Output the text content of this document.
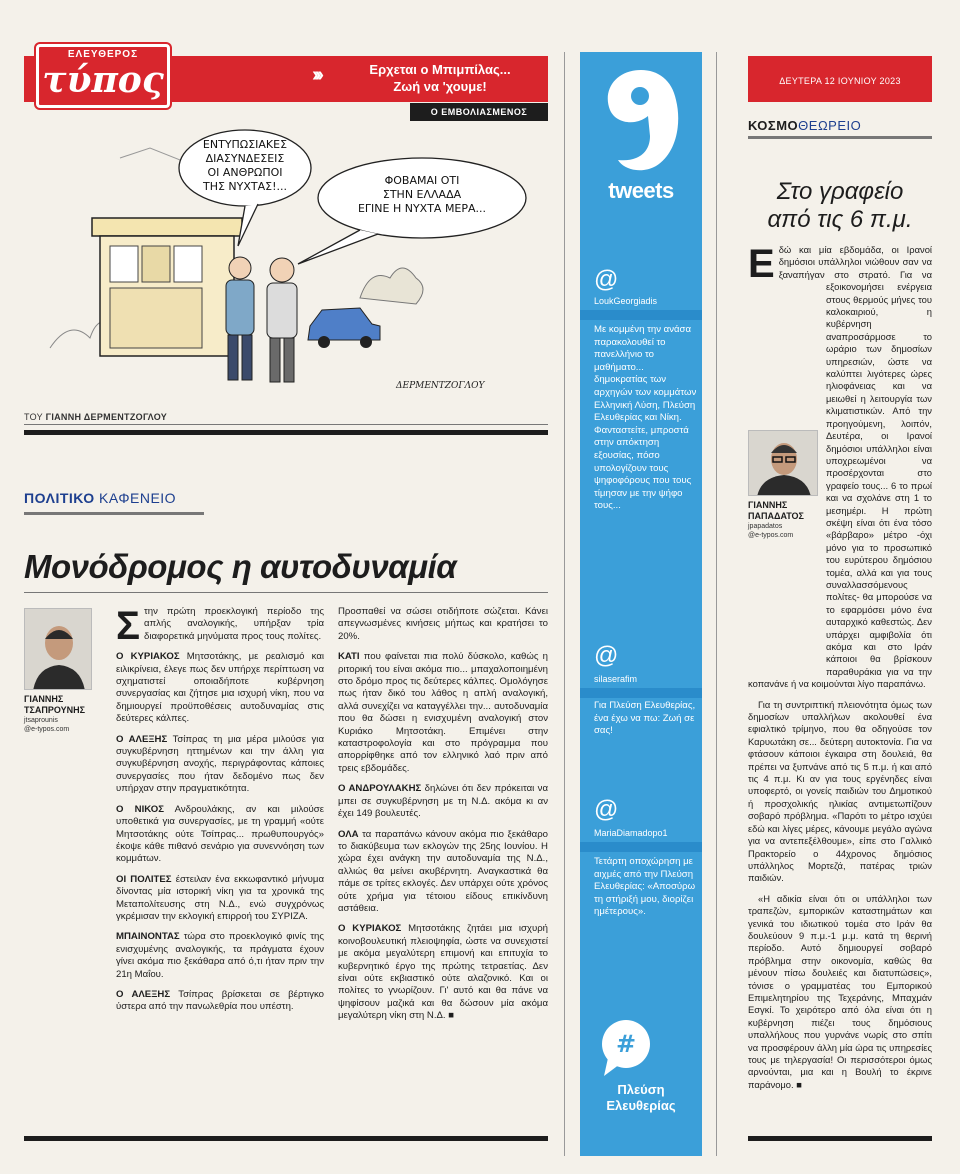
ΕΛΕΥΘΕΡΟΣ
τύπος	›››	Ερχεται ο Μπιμπίλας...
Ζωή να 'χουμε!
Ο ΕΜΒΟΛΙΑΣΜΕΝΟΣ
ΕΝΤΥΠΩΣΙΑΚΕΣ
ΔΙΑΣΥΝΔΕΣΕΙΣ
ΟΙ ΑΝΘΡΩΠΟΙ
ΤΗΣ ΝΥΧΤΑΣ!...	ΦΟΒΑΜΑΙ ΟΤΙ
ΣΤΗΝ ΕΛΛΑΔΑ
ΕΓΙΝΕ Η ΝΥΧΤΑ ΜΕΡΑ...
ΔΕΡΜΕΝΤΖΟΓΛΟΥ
ΤΟΥ ΓΙΑΝΝΗ ΔΕΡΜΕΝΤΖΟΓΛΟΥ
ΠΟΛΙΤΙΚΟ ΚΑΦΕΝΕΙΟ
Μονόδρομος η αυτοδυναμία
ΓΙΑΝΝΗΣ
ΤΣΑΠΡΟΥΝΗΣ
jtsaprounis
@e-typos.com

Στην πρώτη προεκλογική περίοδο της απλής αναλογικής, υπήρξαν τρία διαφορετικά μηνύματα προς τους πολίτες.

Ο ΚΥΡΙΑΚΟΣ Μητσοτάκης, με ρεαλισμό και ειλικρίνεια, έλεγε πως δεν υπήρχε περίπτωση να σχηματιστεί οποιαδήποτε κυβέρνηση συνεργασίας και ζήτησε μια ισχυρή νίκη, που να δημιουργεί προϋποθέσεις αυτοδυναμίας στις δεύτερες κάλπες.

Ο ΑΛΕΞΗΣ Τσίπρας τη μια μέρα μιλούσε για συγκυβέρνηση ηττημένων και την άλλη για συγκυβέρνηση ανοχής, περιγράφοντας κάποιες συνεργασίες που ήταν δεδομένο πως δεν υπήρχαν στην πραγματικότητα.

Ο ΝΙΚΟΣ Ανδρουλάκης, αν και μιλούσε υποθετικά για συνεργασίες, με τη γραμμή «ούτε Μητσοτάκης ούτε Τσίπρας... πρωθυπουργός» έκοψε κάθε πιθανό σενάριο για συνεννόηση των κομμάτων.

ΟΙ ΠΟΛΙΤΕΣ έστειλαν ένα εκκωφαντικό μήνυμα δίνοντας μία ιστορική νίκη για τα χρονικά της Μεταπολίτευσης στη Ν.Δ., ενώ συγχρόνως γκρέμισαν την εκλογική επιρροή του ΣΥΡΙΖΑ.

ΜΠΑΙΝΟΝΤΑΣ τώρα στο προεκλογικό φινίς της ενισχυμένης αναλογικής, τα πράγματα έχουν γίνει ακόμα πιο ξεκάθαρα από ό,τι ήταν πριν την 21η Μαΐου.

Ο ΑΛΕΞΗΣ Τσίπρας βρίσκεται σε βέρτιγκο ύστερα από την πανωλεθρία που υπέστη.

Προσπαθεί να σώσει οτιδήποτε σώζεται. Κάνει απεγνωσμένες κινήσεις μήπως και κρατήσει το 20%.

ΚΑΤΙ που φαίνεται πια πολύ δύσκολο, καθώς η ριτορική του είναι ακόμα πιο... μπαχαλοποιημένη στο δρόμο προς τις δεύτερες κάλπες. Ομολόγησε πως ήταν δικό του λάθος η απλή αναλογική, αλλά συνεχίζει να καταγγέλλει την... αυτοδυναμία που θα δώσει η ενισχυμένη αναλογική στον Κυριάκο Μητσοτάκη. Επιμένει στην καταστροφολογία και στο πρόγραμμα που απορρίφθηκε από τον ελληνικό λαό πριν από τρεις εβδομάδες.

Ο ΑΝΔΡΟΥΛΑΚΗΣ δηλώνει ότι δεν πρόκειται να μπει σε συγκυβέρνηση με τη Ν.Δ. ακόμα κι αν έχει 149 βουλευτές.

ΟΛΑ τα παραπάνω κάνουν ακόμα πιο ξεκάθαρο το διακύβευμα των εκλογών της 25ης Ιουνίου. Η χώρα έχει ανάγκη την αυτοδυναμία της Ν.Δ., αλλιώς θα μείνει ακυβέρνητη. Αναγκαστικά θα πάμε σε τρίτες εκλογές. Δεν υπάρχει ούτε χρόνος ούτε χρήμα για τέτοιου είδους επικίνδυνη αστάθεια.

Ο ΚΥΡΙΑΚΟΣ Μητσοτάκης ζητάει μια ισχυρή κοινοβουλευτική πλειοψηφία, ώστε να συνεχιστεί με ακόμα μεγαλύτερη επιμονή και επιτυχία το κυβερνητικό έργο της πρώτης τετραετίας. Δεν είναι ούτε εκβιαστικό ούτε αλαζονικό. Και οι πολίτες το γνωρίζουν. Γι' αυτό και θα πάνε να ψηφίσουν μαζικά και θα δώσουν μία ακόμα μεγαλύτερη νίκη στη Ν.Δ. ■

tweets
@
LoukGeorgiadis
Με κομμένη την ανάσα παρακολουθεί το πανελλήνιο το μαθήματο... δημοκρατίας των αρχηγών των κομμάτων Ελληνική Λύση, Πλεύση Ελευθερίας και Νίκη. Φανταστείτε, μπροστά στην απόκτηση εξουσίας, πόσο υπολογίζουν τους ψηφοφόρους που τους τίμησαν με την ψήφο τους...
@
silaserafim
Για Πλεύση Ελευθερίας, ένα έχω να πω: Ζωή σε σας!
@
MariaDiamadopo1
Τετάρτη οποχώρηση με αιχμές από την Πλεύση Ελευθερίας: «Αποσύρω τη στήριξή μου, διορίζει ημέτερους».
#
Πλεύση
Ελευθερίας
ΔΕΥΤΕΡΑ 12 ΙΟΥΝΙΟΥ 2023
ΚΟΣΜΟΘΕΩΡΕΙΟ
Στο γραφείο
από τις 6 π.μ.
ΓΙΑΝΝΗΣ
ΠΑΠΑΔΑΤΟΣ
jpapadatos
@e-typos.com

Ε δώ και μία εβδομάδα, οι Ιρανοί δημόσιοι υπάλληλοι νιώθουν σαν να ξαναπήγαν στο στρατό. Για να εξοικονομήσει ενέργεια στους θερμούς μήνες του καλοκαιριού, η κυβέρνηση αναπροσάρμοσε το ωράριο των δημοσίων υπηρεσιών, ώστε να καλύπτει λιγότερες ώρες ηλιοφάνειας και να μειωθεί η λειτουργία των κλιματιστικών. Από την προηγούμενη, λοιπόν, Δευτέρα, οι Ιρανοί δημόσιοι υπάλληλοι είναι υποχρεωμένοι να προσέρχονται στο γραφείο τους... 6 το πρωί και να σχολάνε στη 1 το μεσημέρι. Η πρώτη σκέψη είναι ότι ένα τόσο «βάρβαρο» μέτρο -όχι μόνο για το προσωπικό του ευρύτερου δημόσιου τομέα, αλλά και για τους συναλλασσόμενους πολίτες- θα μπορούσε να το εφαρμόσει μόνο ένα αυταρχικό καθεστώς. Δεν υπάρχει αμφιβολία ότι ακόμα και στο Ιράν κάποιοι θα βρίσκουν παραθυράκια για να την κοπανάνε ή να κοιμούνται λίγο παραπάνω.

Για τη συντριπτική πλειονότητα όμως των δημοσίων υπαλλήλων ακολουθεί ένα εφιαλτικό τρίμηνο, που θα οδηγούσε τον Καρυωτάκη σε... δεύτερη αυτοκτονία. Για να φτάσουν κάποιοι έγκαιρα στη δουλειά, θα πρέπει να ξυπνάνε από τις 5 π.μ. ή και από τις 4 π.μ. Κι αν για τους εργένηδες είναι υποφερτό, οι γονείς παιδιών του Δημοτικού ή προσχολικής ηλικίας αντιμετωπίζουν σοβαρό πρόβλημα. «Παρότι το μέτρο ισχύει εδώ και λίγες μέρες, κάνουμε μεγάλο αγώνα για να αντεπεξέλθουμε», είπε στο Γαλλικό Πρακτορείο ο 44χρονος δημόσιος υπάλληλος Μορτεζά, πατέρας τριών παιδιών.

«Η αδικία είναι ότι οι υπάλληλοι των τραπεζών, εμπορικών καταστημάτων και γενικά του ιδιωτικού τομέα στο Ιράν θα δουλεύουν 9 π.μ.-1 μ.μ. κατά τη θερινή περίοδο. Αυτό δημιουργεί σοβαρό πρόβλημα στην οικονομία, καθώς θα μένουν πίσω δουλειές και διατυπώσεις», τόνισε ο γραμματέας του Εμπορικού Επιμελητηρίου της Τεχεράνης, Μπαχμάν Εσγκί. Το χειρότερο από όλα είναι ότι η κυβέρνηση πιέζει τους δημόσιους υπαλλήλους που γυρνάνε νωρίς στο σπίτι να προσφέρουν άλλη μία ώρα τις υπηρεσίες τους με τηλεργασία! Οι περισσότεροι όμως αρνούνται, μια και η Βουλή το έκρινε παράνομο. ■
